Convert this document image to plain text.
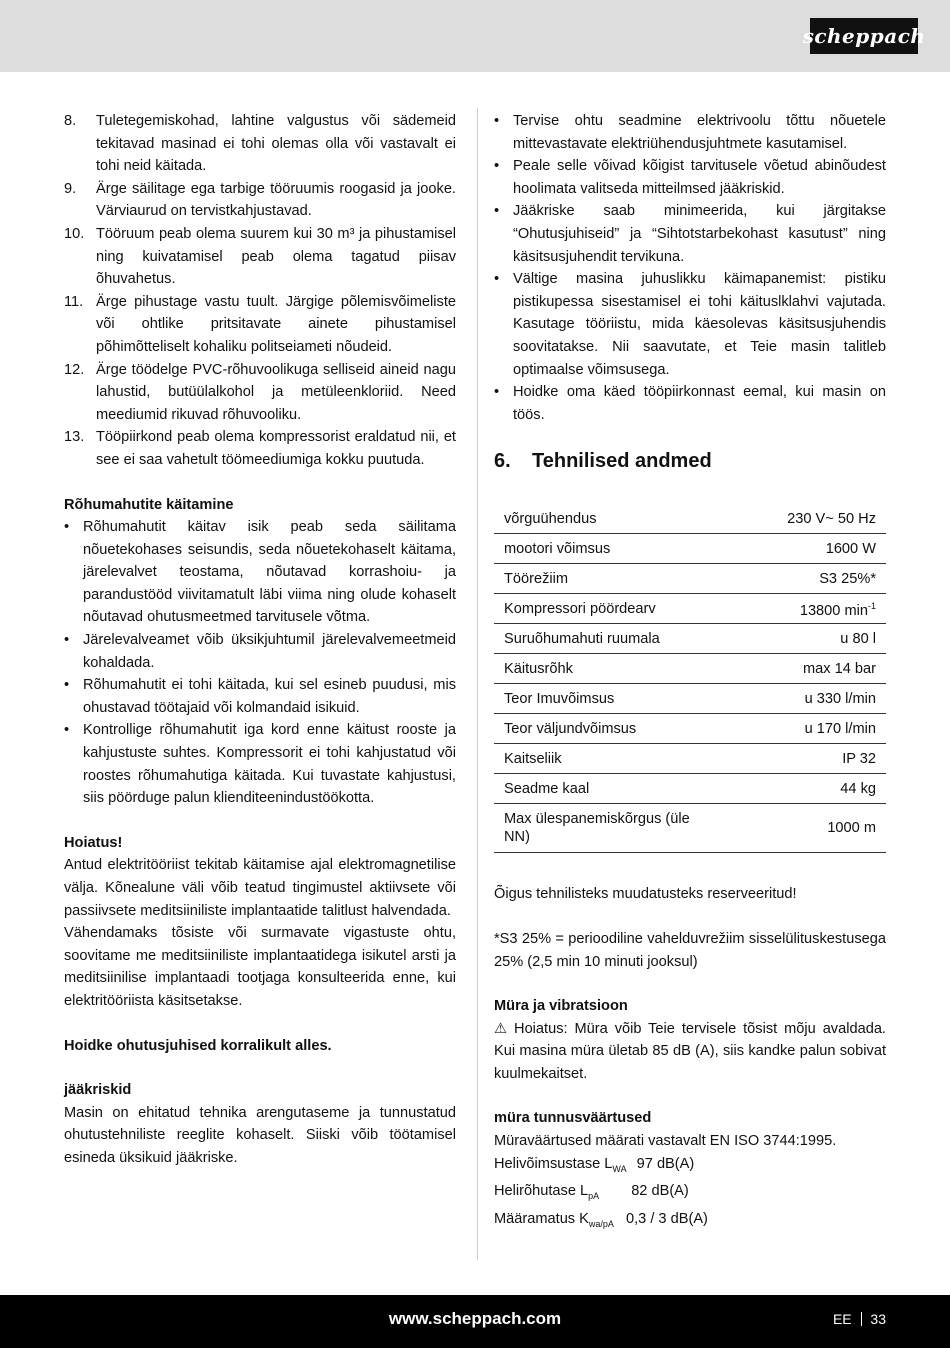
scheppach
8.	Tuletegemiskohad, lahtine valgustus või sädemeid tekitavad masinad ei tohi olemas olla või vastavalt ei tohi neid käitada.
9.	Ärge säilitage ega tarbige tööruumis roogasid ja jooke. Värviaurud on tervistkahjustavad.
10. Tööruum peab olema suurem kui 30 m³ ja pihustamisel ning kuivatamisel peab olema tagatud piisav õhuvahetus.
11. Ärge pihustage vastu tuult. Järgige põlemisvõimeliste või ohtlike pritsitavate ainete pihustamisel põhimõtteliselt kohaliku politseiameti nõudeid.
12. Ärge töödelge PVC-rõhuvoolikuga selliseid aineid nagu lahustid, butüülalkohol ja metüleenkloriid. Need meediumid rikuvad rõhuvooliku.
13. Tööpiirkond peab olema kompressorist eraldatud nii, et see ei saa vahetult töömeediumiga kokku puutuda.
Rõhumahutite käitamine
• Rõhumahutit käitav isik peab seda säilitama nõuetekohases seisundis, seda nõuetekohaselt käitama, järelevalvet teostama, nõutavad korrashoiu- ja parandustööd viivitamatult läbi viima ning olude kohaselt nõutavad ohutusmeetmed tarvitusele võtma.
• Järelevalveamet võib üksikjuhtumil järelevalvemeetmeid kohaldada.
• Rõhumahutit ei tohi käitada, kui sel esineb puudusi, mis ohustavad töötajaid või kolmandaid isikuid.
• Kontrollige rõhumahutit iga kord enne käitust rooste ja kahjustuste suhtes. Kompressorit ei tohi kahjustatud või roostes rõhumahutiga käitada. Kui tuvastate kahjustusi, siis pöörduge palun klienditeenindustöökotta.
Hoiatus!

Antud elektritööriist tekitab käitamise ajal elektromagnetilise välja. Kõnealune väli võib teatud tingimustel aktiivsete või passiivsete meditsiiniliste implantaatide talitlust halvendada.

Vähendamaks tõsiste või surmavate vigastuste ohtu, soovitame me meditsiiniliste implantaatidega isikutel arsti ja meditsiinilise implantaadi tootjaga konsulteerida enne, kui elektritööriista käsitsetakse.

Hoidke ohutusjuhised korralikult alles.
jääkriskid

Masin on ehitatud tehnika arengutaseme ja tunnustatud ohutustehniliste reeglite kohaselt. Siiski võib töötamisel esineda üksikuid jääkriske.

• Tervise ohtu seadmine elektrivoolu tõttu nõuetele mittevastavate elektriühendusjuhtmete kasutamisel.
• Peale selle võivad kõigist tarvitusele võetud abinõudest hoolimata valitseda mitteilmsed jääkriskid.
• Jääkriske saab minimeerida, kui järgitakse “Ohutusjuhiseid” ja “Sihtotstarbekohast kasutust” ning käsitsusjuhendit tervikuna.
• Vältige masina juhuslikku käimapanemist: pistiku pistikupessa sisestamisel ei tohi käituslklahvi vajutada. Kasutage tööriistu, mida käesolevas käsitsusjuhendis soovitatakse. Nii saavutate, et Teie masin talitleb optimaalse võimsusega.
• Hoidke oma käed tööpiirkonnast eemal, kui masin on töös.
6.	Tehnilised andmed
võrguühendus	230 V~ 50 Hz
mootori võimsus	1600 W
Töörežiim	S3 25%*
Kompressori pöördearv	13800 $\min^{-1}$
Suruõhumahuti ruumala	u 80 l
Käitusrõhk	max 14 bar
Teor Imuvõimsus	u 330 l/min
Teor väljundvõimsus	u 170 l/min
Kaitseliik	IP 32
Seadme kaal	44 kg
Max ülespanemiskõrgus (üle NN)	1000 m

Õigus tehnilisteks muudatusteks reserveeritud!

*S3 25% = perioodiline vahelduvrežiim sisselülituskestusega 25% (2,5 min 10 minuti jooksul)

Müra ja vibratsioon

⚠ Hoiatus: Müra võib Teie tervisele tõsist mõju avaldada. Kui masina müra ületab 85 dB (A), siis kandke palun sobivat kuulmekaitset.

müra tunnusväärtused

Müraväärtused määrati vastavalt EN ISO 3744:1995.

Helivõimsustase $L_{WA}$ 97 dB(A)
Helirõhutase $L_{pA}$ 82 dB(A)
Määramatus $K_{wa/pA}$ 0,3 / 3 dB(A)
www.scheppach.com	EE 33
